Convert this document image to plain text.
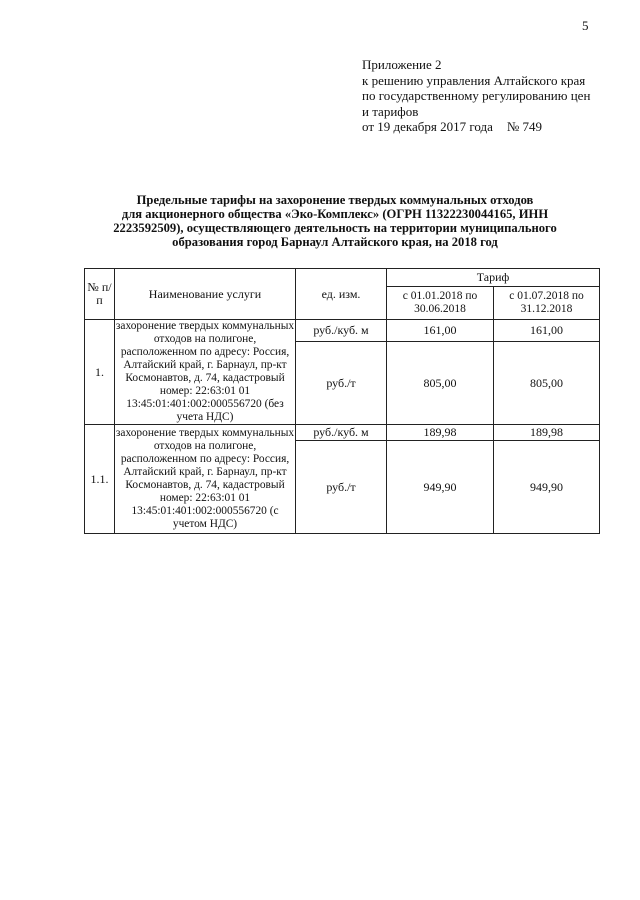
5
Приложение 2
к решению управления Алтайского края
по государственному регулированию цен
и тарифов
от 19 декабря 2017 года № 749
Предельные тарифы на захоронение твердых коммунальных отходов
для акционерного общества «Эко-Комплекс» (ОГРН 11322230044165, ИНН
2223592509), осуществляющего деятельность на территории муниципального
образования город Барнаул Алтайского края, на 2018 год
№ п/п	Наименование услуги	ед. изм.	Тариф	
			с 01.01.2018 по 30.06.2018	с 01.07.2018 по 31.12.2018
1.	захоронение твердых коммунальных отходов на полигоне, расположенном по адресу: Россия, Алтайский край, г. Барнаул, пр-кт Космонавтов, д. 74, кадастровый номер: 22:63:01 01 13:45:01:401:002:000556720 (без учета НДС)	руб./куб. м	161,00	161,00
		руб./т	805,00	805,00
1.1.	захоронение твердых коммунальных отходов на полигоне, расположенном по адресу: Россия, Алтайский край, г. Барнаул, пр-кт Космонавтов, д. 74, кадастровый номер: 22:63:01 01 13:45:01:401:002:000556720 (с учетом НДС)	руб./куб. м	189,98	189,98
		руб./т	949,90	949,90
